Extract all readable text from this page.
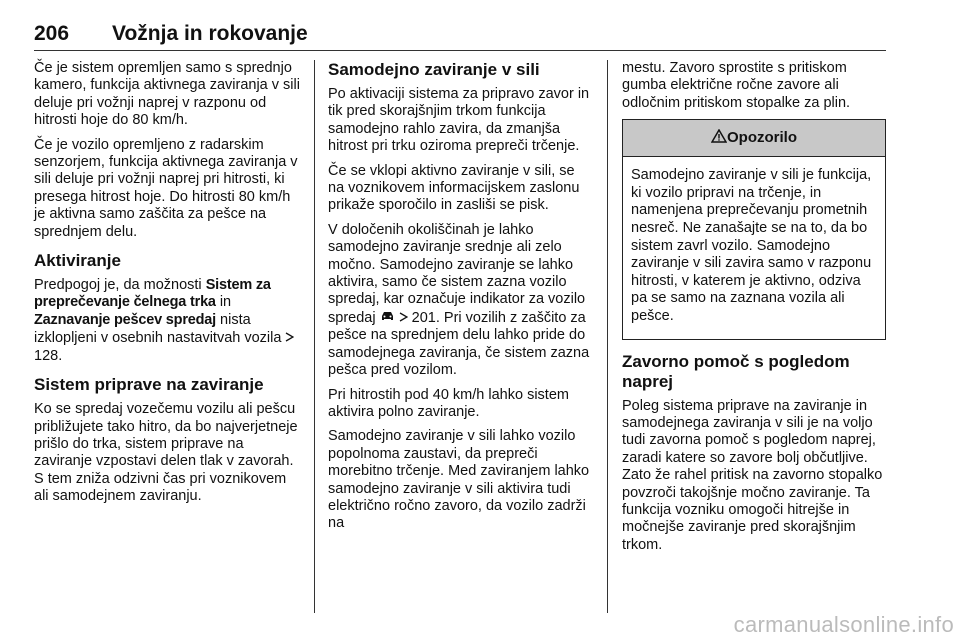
206 Vožnja in rokovanje

Če je sistem opremljen samo s sprednjo kamero, funkcija aktivnega zaviranja v sili deluje pri vožnji naprej v razponu od hitrosti hoje do 80 km/h.

Če je vozilo opremljeno z radarskim senzorjem, funkcija aktivnega zaviranja v sili deluje pri vožnji naprej pri hitrosti, ki presega hitrost hoje. Do hitrosti 80 km/h je aktivna samo zaščita za pešce na sprednjem delu.

Aktiviranje

Predpogoj je, da možnosti Sistem za preprečevanje čelnega trka in Zaznavanje pešcev spredaj nista izklopljeni v osebnih nastavitvah vozila  128.

Sistem priprave na zaviranje

Ko se spredaj vozečemu vozilu ali pešcu približujete tako hitro, da bo najverjetneje prišlo do trka, sistem priprave na zaviranje vzpostavi delen tlak v zavorah. S tem zniža odzivni čas pri voznikovem ali samodejnem zaviranju.

Samodejno zaviranje v sili

Po aktivaciji sistema za pripravo zavor in tik pred skorajšnjim trkom funkcija samodejno rahlo zavira, da zmanjša hitrost pri trku oziroma prepreči trčenje.

Če se vklopi aktivno zaviranje v sili, se na voznikovem informacijskem zaslonu prikaže sporočilo in zasliši se pisk.

V določenih okoliščinah je lahko samodejno zaviranje srednje ali zelo močno. Samodejno zaviranje se lahko aktivira, samo če sistem zazna vozilo spredaj, kar označuje indikator za vozilo spredaj   201. Pri vozilih z zaščito za pešce na sprednjem delu lahko pride do samodejnega zaviranja, če sistem zazna pešca pred vozilom.

Pri hitrostih pod 40 km/h lahko sistem aktivira polno zaviranje.

Samodejno zaviranje v sili lahko vozilo popolnoma zaustavi, da prepreči morebitno trčenje. Med zaviranjem lahko samodejno zaviranje v sili aktivira tudi električno ročno zavoro, da vozilo zadrži na

mestu. Zavoro sprostite s pritiskom gumba električne ročne zavore ali odločnim pritiskom stopalke za plin.

Opozorilo

Samodejno zaviranje v sili je funkcija, ki vozilo pripravi na trčenje, in namenjena preprečevanju prometnih nesreč. Ne zanašajte se na to, da bo sistem zavrl vozilo. Samodejno zaviranje v sili zavira samo v razponu hitrosti, v katerem je aktivno, odziva pa se samo na zaznana vozila ali pešce.

Zavorno pomoč s pogledom naprej

Poleg sistema priprave na zaviranje in samodejnega zaviranja v sili je na voljo tudi zavorna pomoč s pogledom naprej, zaradi katere so zavore bolj občutljive. Zato že rahel pritisk na zavorno stopalko povzroči takojšnje močno zaviranje. Ta funkcija vozniku omogoči hitrejše in močnejše zaviranje pred skorajšnjim trkom.

carmanualsonline.info
